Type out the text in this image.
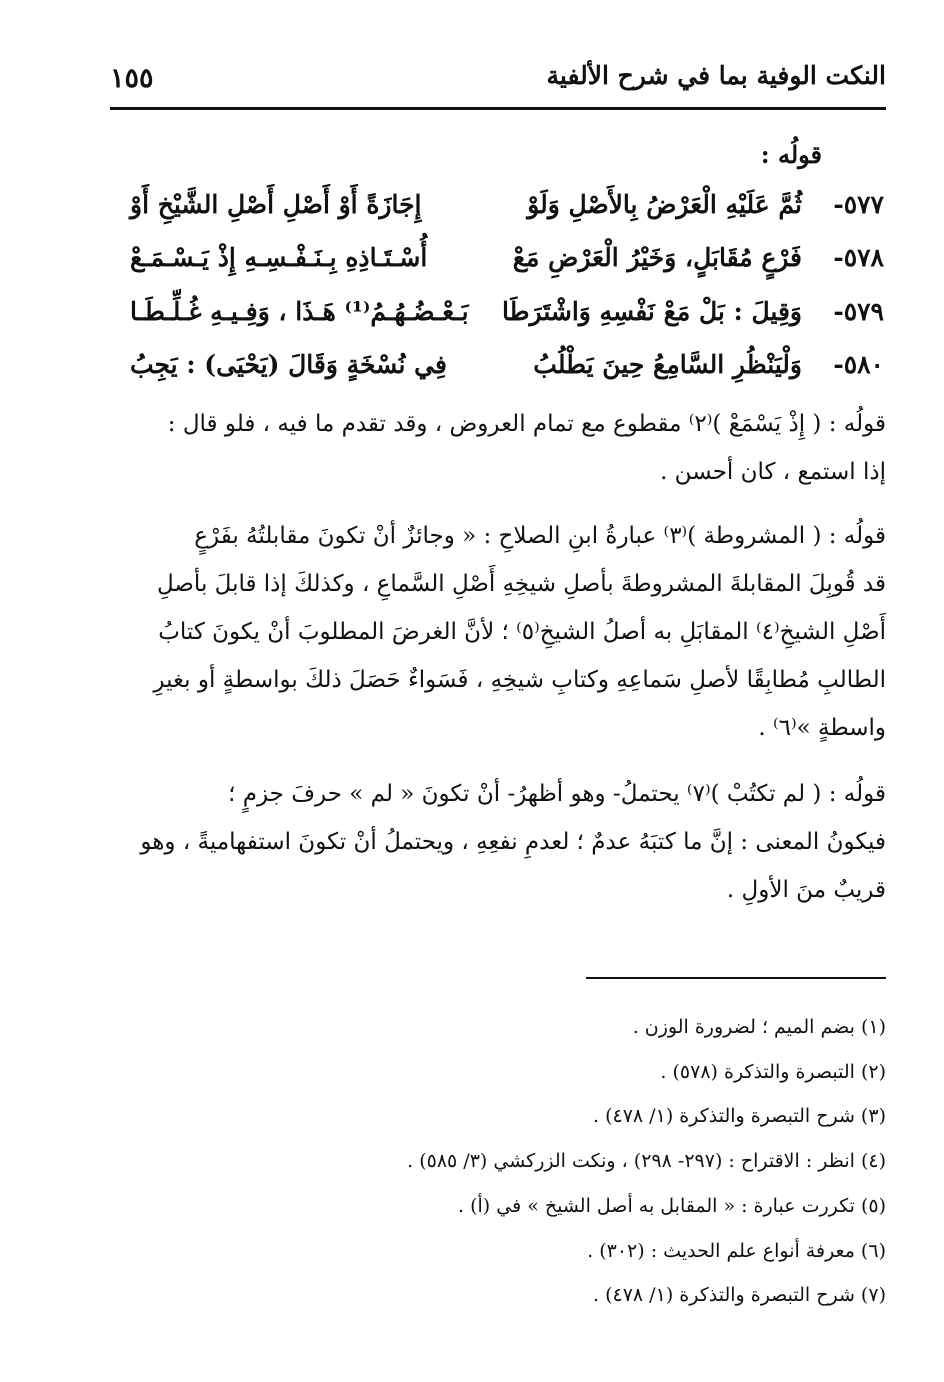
النكت الوفية بما في شرح الألفية
١٥٥
قولُه :
٥٧٧-
ثُمَّ عَلَيْهِ الْعَرْضُ بِالأَصْلِ وَلَوْ
إِجَازَةً أَوْ أَصْلِ أَصْلِ الشَّيْخِ أَوْ
٥٧٨-
فَرْعٍ مُقَابَلٍ، وَخَيْرُ الْعَرْضِ مَعْ
أُسْـتَـاذِهِ بِـنَـفْـسِـهِ إِذْ يَـسْـمَـعْ
٥٧٩-
وَقِيلَ : بَلْ مَعْ نَفْسِهِ وَاشْتَرَطَا
بَـعْـضُـهُـمُ⁽¹⁾ هَـذَا ، وَفِـيـهِ غُـلِّـطَـا
٥٨٠-
وَلْيَنْظُرِ السَّامِعُ حِينَ يَطْلُبُ
فِي نُسْخَةٍ وَقَالَ (يَحْيَى) : يَجِبُ
قولُه : ( إِذْ يَسْمَعْ )⁽٢⁾ مقطوع مع تمام العروض ، وقد تقدم ما فيه ، فلو قال :
إذا استمع ، كان أحسن .
قولُه : ( المشروطة )⁽٣⁾ عبارةُ ابنِ الصلاحِ : « وجائزٌ أنْ تكونَ مقابلتُهُ بفَرْعٍ
قد قُوبِلَ المقابلةَ المشروطةَ بأصلِ شيخِهِ أَصْلِ السَّماعِ ، وكذلكَ إذا قابلَ بأصلِ
أَصْلِ الشيخِ⁽٤⁾ المقابَلِ به أصلُ الشيخِ⁽٥⁾ ؛ لأنَّ الغرضَ المطلوبَ أنْ يكونَ كتابُ
الطالبِ مُطابِقًا لأصلِ سَماعِهِ وكتابِ شيخِهِ ، فَسَواءٌ حَصَلَ ذلكَ بواسطةٍ أو بغيرِ
واسطةٍ »⁽٦⁾ .
قولُه : ( لم تكتُبْ )⁽٧⁾ يحتملُ- وهو أظهرُ- أنْ تكونَ « لم » حرفَ جزمٍ ؛
فيكونُ المعنى : إنَّ ما كتبَهُ عدمٌ ؛ لعدمِ نفعِهِ ، ويحتملُ أنْ تكونَ استفهاميةً ، وهو
قريبٌ منَ الأولِ .
(١) بضم الميم ؛ لضرورة الوزن .
(٢) التبصرة والتذكرة (٥٧٨) .
(٣) شرح التبصرة والتذكرة (١/ ٤٧٨) .
(٤) انظر : الاقتراح : (٢٩٧- ٢٩٨) ، ونكت الزركشي (٣/ ٥٨٥) .
(٥) تكررت عبارة : « المقابل به أصل الشيخ » في (أ) .
(٦) معرفة أنواع علم الحديث : (٣٠٢) .
(٧) شرح التبصرة والتذكرة (١/ ٤٧٨) .
